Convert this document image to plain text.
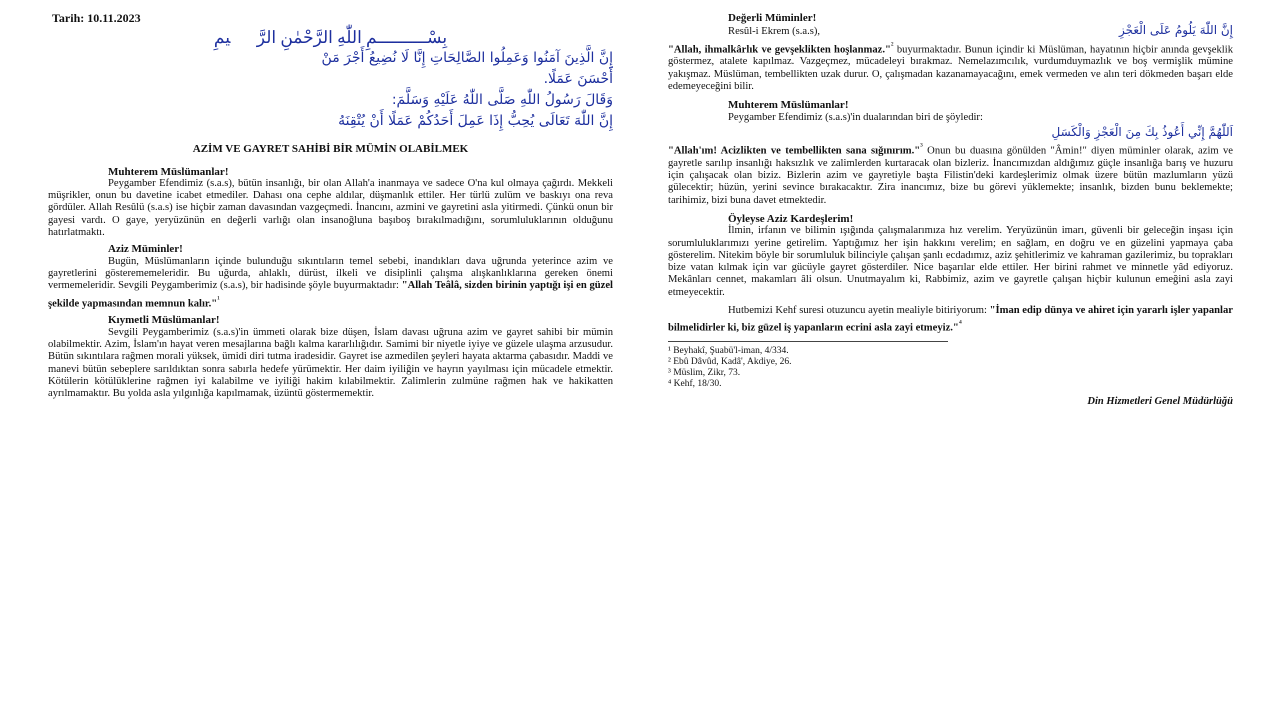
Tarih: 10.11.2023
بِسْــــــــــمِ اللّٰهِ الرَّحْمٰنِ الرَّح۪يمِ
إِنَّ الَّذِينَ آمَنُوا وَعَمِلُوا الصَّالِحَاتِ إِنَّا لَا نُضِيعُ أَجْرَ مَنْ
أَحْسَنَ عَمَلًا.
وَقَالَ رَسُولُ اللّٰهِ صَلَّى اللّٰهُ عَلَيْهِ وَسَلَّمَ:
إِنَّ اللّٰهَ تَعَالَى يُحِبُّ إِذَا عَمِلَ أَحَدُكُمْ عَمَلًا أَنْ يُتْقِنَهُ
AZİM VE GAYRET SAHİBİ BİR MÜMİN OLABİLMEK
Muhterem Müslümanlar!

Peygamber Efendimiz (s.a.s), bütün insanlığı, bir olan Allah'a inanmaya ve sadece O'na kul olmaya çağırdı. Mekkeli müşrikler, onun bu davetine icabet etmediler. Dahası ona cephe aldılar, düşmanlık ettiler. Her türlü zulüm ve baskıyı ona reva gördüler. Allah Resûlü (s.a.s) ise hiçbir zaman davasından vazgeçmedi. İnancını, azmini ve gayretini asla yitirmedi. Çünkü onun bir gayesi vardı. O gaye, yeryüzünün en değerli varlığı olan insanoğluna başıboş bırakılmadığını, sorumluluklarının olduğunu hatırlatmaktı.

Aziz Müminler!

Bugün, Müslümanların içinde bulunduğu sıkıntıların temel sebebi, inandıkları dava uğrunda yeterince azim ve gayretlerini gösterememeleridir. Bu uğurda, ahlaklı, dürüst, ilkeli ve disiplinli çalışma alışkanlıklarına gereken önemi vermemeleridir. Sevgili Peygamberimiz (s.a.s), bir hadisinde şöyle buyurmaktadır: "Allah Teâlâ, sizden birinin yaptığı işi en güzel şekilde yapmasından memnun kalır."$^{^1}$

Kıymetli Müslümanlar!

Sevgili Peygamberimiz (s.a.s)'in ümmeti olarak bize düşen, İslam davası uğruna azim ve gayret sahibi bir mümin olabilmektir. Azim, İslam'ın hayat veren mesajlarına bağlı kalma kararlılığıdır. Samimi bir niyetle iyiye ve güzele ulaşma arzusudur. Bütün sıkıntılara rağmen morali yüksek, ümidi diri tutma iradesidir. Gayret ise azmedilen şeyleri hayata aktarma çabasıdır. Maddi ve manevi bütün sebeplere sarıldıktan sonra sabırla hedefe yürümektir. Her daim iyiliğin ve hayrın yayılması için mücadele etmektir. Kötülerin kötülüklerine rağmen iyi kalabilme ve iyiliği hakim kılabilmektir. Zalimlerin zulmüne rağmen hak ve hakikatten ayrılmamaktır. Bu yolda asla yılgınlığa kapılmamak, üzüntü göstermemektir.

Değerli Müminler!
Resûl-i Ekrem (s.a.s),	إِنَّ اللّٰهَ يَلُومُ عَلَى الْعَجْزِ

"Allah, ihmalkârlık ve gevşeklikten hoşlanmaz."$^{^2}$ buyurmaktadır. Bunun içindir ki Müslüman, hayatının hiçbir anında gevşeklik göstermez, atalete kapılmaz. Vazgeçmez, mücadeleyi bırakmaz. Nemelazımcılık, vurdumduymazlık ve boş vermişlik mümine yakışmaz. Müslüman, tembellikten uzak durur. O, çalışmadan kazanamayacağını, emek vermeden ve alın teri dökmeden başarı elde edemeyeceğini bilir.

Muhterem Müslümanlar!

Peygamber Efendimiz (s.a.s)'in dualarından biri de şöyledir:

اَللّٰهُمَّ إِنِّي أَعُوذُ بِكَ مِنَ الْعَجْزِ وَالْكَسَلِ

"Allah'ım! Acizlikten ve tembellikten sana sığınırım."$^{^3}$ Onun bu duasına gönülden "Âmin!" diyen mümin‌ler olarak, azim ve gayretle sarılıp insanlığı haksızlık ve zalimlerden kurtaracak olan bizleriz. İnancımızdan aldığımız güçle insanlığa barış ve huzuru için çalışacak olan biziz. Bizlerin azim ve gayretiyle başta Filistin'deki kardeşlerimiz olmak üzere bütün mazlumların yüzü gülecektir; hüzün, yerini sevince bırakacaktır. Zira inancımız, bize bu görevi yüklemekte; insanlık, bizden bunu beklemekte; tarihimiz, bizi buna davet etmektedir.

Öyleyse Aziz Kardeşlerim!

İlmin, irfanın ve bilimin ışığında çalışmalarımıza hız verelim. Yeryüzünün imarı, güvenli bir geleceğin inşası için sorumluluklarımızı yerine getirelim. Yaptığımız her işin hakkını verelim; en sağlam, en doğru ve en güzelini yapmaya çaba gösterelim. Nitekim böyle bir sorumluluk bilinciyle çalışan şanlı ecdadımız, aziz şehitlerimiz ve kahraman gazilerimiz, bu toprakları bize vatan kılmak için var gücüyle gayret gösterdiler. Nice başarılar elde ettiler. Her birini rahmet ve minnetle yâd ediyoruz. Mekânları cennet, makamları âli olsun. Unutmayalım ki, Rabbimiz, azim ve gayretle çalışan hiçbir kulunun emeğini asla zayi etmeyecektir.

Hutbemizi Kehf suresi otuzuncu ayetin mealiyle bitiriyorum: "İman edip dünya ve ahiret için yararlı işler yapanlar bilmelidirler ki, biz güzel iş yapanların ecrini asla zayi etmeyiz."$^{^4}$

¹ Beyhakî, Şuabü'l-iman, 4/334.
² Ebû Dâvûd, Kadâ', Akdiye, 26.
³ Müslim, Zikr, 73.
⁴ Kehf, 18/30.
Din Hizmetleri Genel Müdürlüğü
